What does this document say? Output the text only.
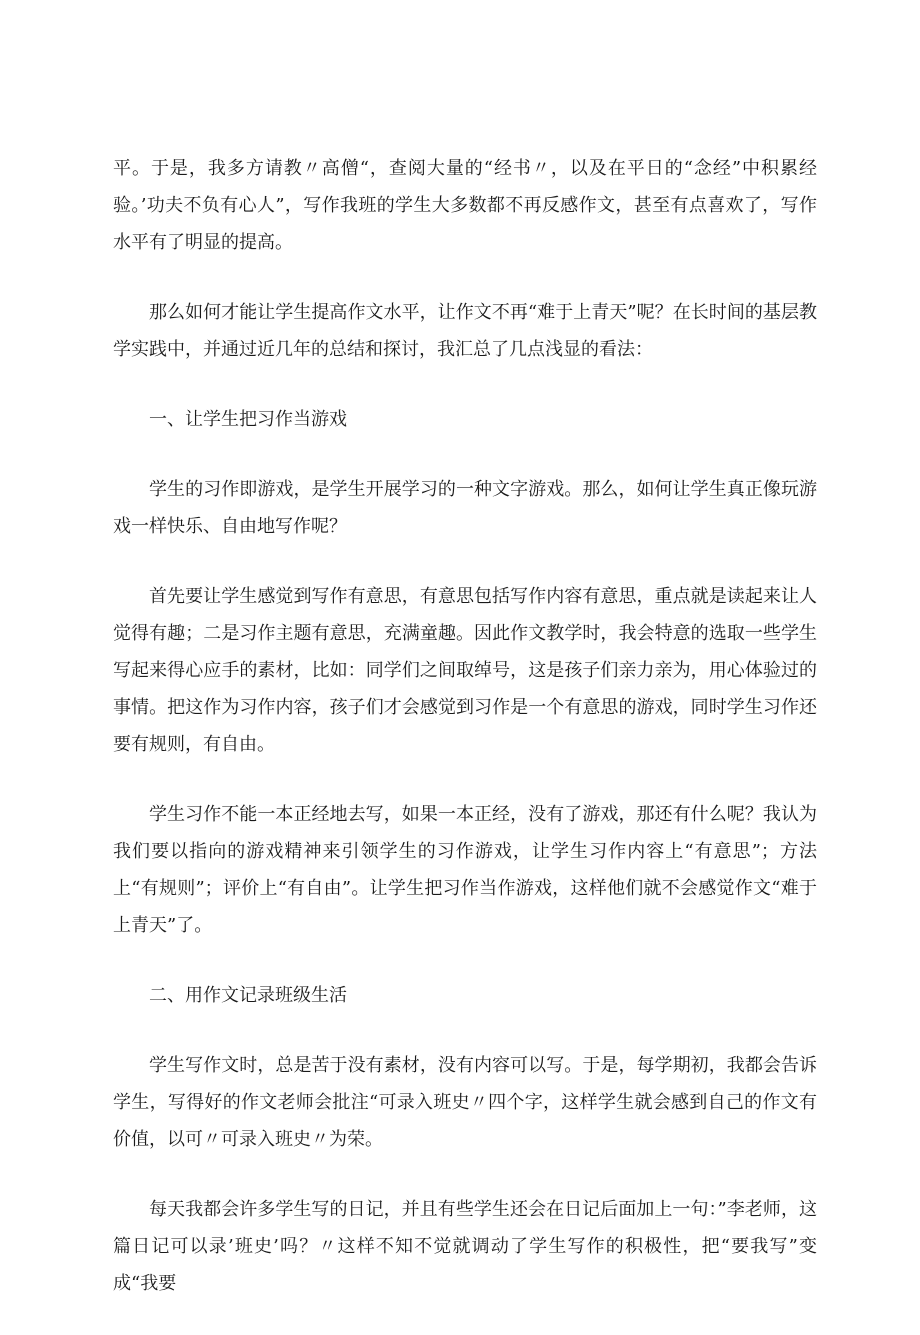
平。于是，我多方请教〃高僧“，查阅大量的“经书〃，以及在平日的“念经”中积累经验。’功夫不负有心人”，写作我班的学生大多数都不再反感作文，甚至有点喜欢了，写作水平有了明显的提高。

那么如何才能让学生提高作文水平，让作文不再“难于上青天”呢？在长时间的基层教学实践中，并通过近几年的总结和探讨，我汇总了几点浅显的看法：

一、让学生把习作当游戏

学生的习作即游戏，是学生开展学习的一种文字游戏。那么，如何让学生真正像玩游戏一样快乐、自由地写作呢？

首先要让学生感觉到写作有意思，有意思包括写作内容有意思，重点就是读起来让人觉得有趣；二是习作主题有意思，充满童趣。因此作文教学时，我会特意的选取一些学生写起来得心应手的素材，比如：同学们之间取绰号，这是孩子们亲力亲为，用心体验过的事情。把这作为习作内容，孩子们才会感觉到习作是一个有意思的游戏，同时学生习作还要有规则，有自由。

学生习作不能一本正经地去写，如果一本正经，没有了游戏，那还有什么呢？我认为我们要以指向的游戏精神来引领学生的习作游戏，让学生习作内容上“有意思”；方法上“有规则”；评价上“有自由”。让学生把习作当作游戏，这样他们就不会感觉作文“难于上青天”了。

二、用作文记录班级生活

学生写作文时，总是苦于没有素材，没有内容可以写。于是，每学期初，我都会告诉学生，写得好的作文老师会批注“可录入班史〃四个字，这样学生就会感到自己的作文有价值，以可〃可录入班史〃为荣。

每天我都会许多学生写的日记，并且有些学生还会在日记后面加上一句：”李老师，这篇日记可以录’班史’吗？〃这样不知不觉就调动了学生写作的积极性，把“要我写”变成“我要
